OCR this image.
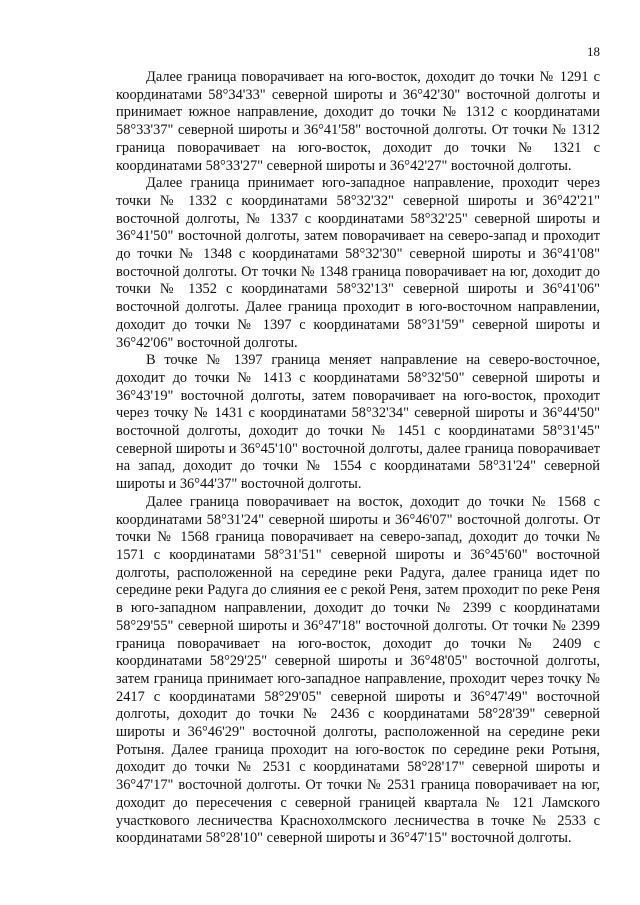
18

Далее граница поворачивает на юго-восток, доходит до точки № 1291 с координатами 58°34'33" северной широты и 36°42'30" восточной долготы и принимает южное направление, доходит до точки № 1312 с координатами 58°33'37" северной широты и 36°41'58" восточной долготы. От точки № 1312 граница поворачивает на юго-восток, доходит до точки № 1321 с координатами 58°33'27" северной широты и 36°42'27" восточной долготы.

Далее граница принимает юго-западное направление, проходит через точки № 1332 с координатами 58°32'32" северной широты и 36°42'21" восточной долготы, № 1337 с координатами 58°32'25" северной широты и 36°41'50" восточной долготы, затем поворачивает на северо-запад и проходит до точки № 1348 с координатами 58°32'30" северной широты и 36°41'08" восточной долготы. От точки № 1348 граница поворачивает на юг, доходит до точки № 1352 с координатами 58°32'13" северной широты и 36°41'06" восточной долготы. Далее граница проходит в юго-восточном направлении, доходит до точки № 1397 с координатами 58°31'59" северной широты и 36°42'06" восточной долготы.

В точке № 1397 граница меняет направление на северо-восточное, доходит до точки № 1413 с координатами 58°32'50" северной широты и 36°43'19" восточной долготы, затем поворачивает на юго-восток, проходит через точку № 1431 с координатами 58°32'34" северной широты и 36°44'50" восточной долготы, доходит до точки № 1451 с координатами 58°31'45" северной широты и 36°45'10" восточной долготы, далее граница поворачивает на запад, доходит до точки № 1554 с координатами 58°31'24" северной широты и 36°44'37" восточной долготы.

Далее граница поворачивает на восток, доходит до точки № 1568 с координатами 58°31'24" северной широты и 36°46'07" восточной долготы. От точки № 1568 граница поворачивает на северо-запад, доходит до точки № 1571 с координатами 58°31'51" северной широты и 36°45'60" восточной долготы, расположенной на середине реки Радуга, далее граница идет по середине реки Радуга до слияния ее с рекой Реня, затем проходит по реке Реня в юго-западном направлении, доходит до точки № 2399 с координатами 58°29'55" северной широты и 36°47'18" восточной долготы. От точки № 2399 граница поворачивает на юго-восток, доходит до точки № 2409 с координатами 58°29'25" северной широты и 36°48'05" восточной долготы, затем граница принимает юго-западное направление, проходит через точку № 2417 с координатами 58°29'05" северной широты и 36°47'49" восточной долготы, доходит до точки № 2436 с координатами 58°28'39" северной широты и 36°46'29" восточной долготы, расположенной на середине реки Ротыня. Далее граница проходит на юго-восток по середине реки Ротыня, доходит до точки № 2531 с координатами 58°28'17" северной широты и 36°47'17" восточной долготы. От точки № 2531 граница поворачивает на юг, доходит до пересечения с северной границей квартала № 121 Ламского участкового лесничества Краснохолмского лесничества в точке № 2533 с координатами 58°28'10" северной широты и 36°47'15" восточной долготы.
